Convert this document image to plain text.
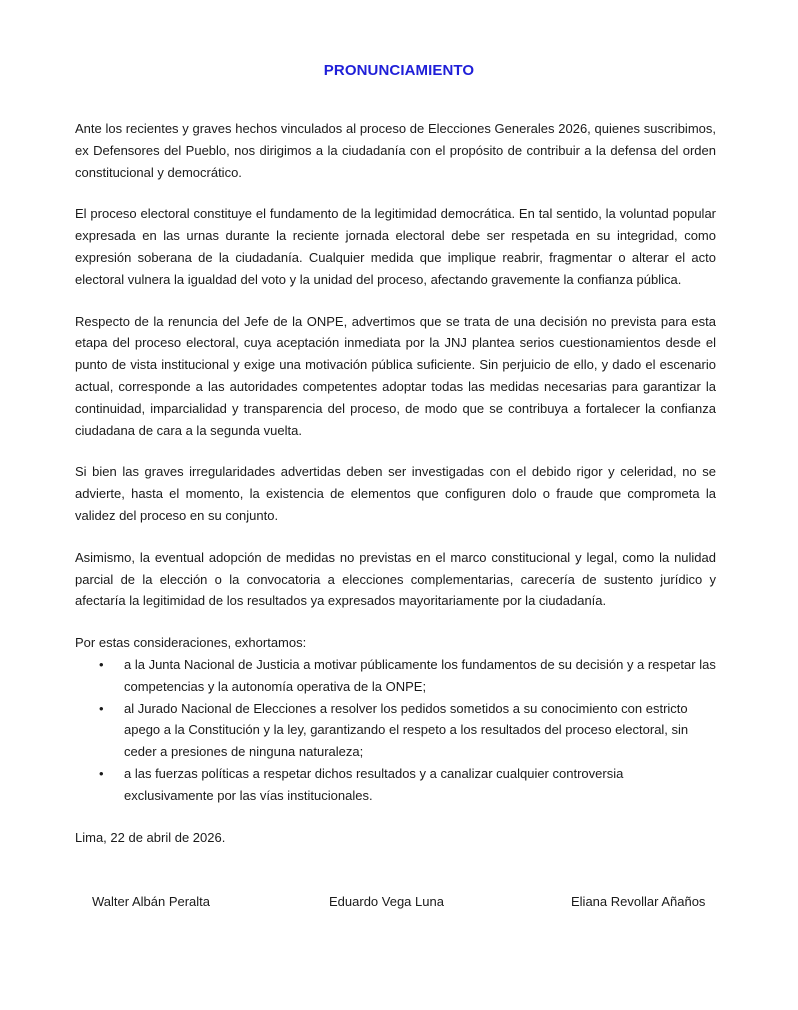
PRONUNCIAMIENTO

Ante los recientes y graves hechos vinculados al proceso de Elecciones Generales 2026, quienes suscribimos, ex Defensores del Pueblo, nos dirigimos a la ciudadanía con el propósito de contribuir a la defensa del orden constitucional y democrático.

El proceso electoral constituye el fundamento de la legitimidad democrática. En tal sentido, la voluntad popular expresada en las urnas durante la reciente jornada electoral debe ser respetada en su integridad, como expresión soberana de la ciudadanía. Cualquier medida que implique reabrir, fragmentar o alterar el acto electoral vulnera la igualdad del voto y la unidad del proceso, afectando gravemente la confianza pública.

Respecto de la renuncia del Jefe de la ONPE, advertimos que se trata de una decisión no prevista para esta etapa del proceso electoral, cuya aceptación inmediata por la JNJ plantea serios cuestionamientos desde el punto de vista institucional y exige una motivación pública suficiente. Sin perjuicio de ello, y dado el escenario actual, corresponde a las autoridades competentes adoptar todas las medidas necesarias para garantizar la continuidad, imparcialidad y transparencia del proceso, de modo que se contribuya a fortalecer la confianza ciudadana de cara a la segunda vuelta.

Si bien las graves irregularidades advertidas deben ser investigadas con el debido rigor y celeridad, no se advierte, hasta el momento, la existencia de elementos que configuren dolo o fraude que comprometa la validez del proceso en su conjunto.

Asimismo, la eventual adopción de medidas no previstas en el marco constitucional y legal, como la nulidad parcial de la elección o la convocatoria a elecciones complementarias, carecería de sustento jurídico y afectaría la legitimidad de los resultados ya expresados mayoritariamente por la ciudadanía.

Por estas consideraciones, exhortamos:

• a la Junta Nacional de Justicia a motivar públicamente los fundamentos de su decisión y a respetar las competencias y la autonomía operativa de la ONPE;
• al Jurado Nacional de Elecciones a resolver los pedidos sometidos a su conocimiento con estricto apego a la Constitución y la ley, garantizando el respeto a los resultados del proceso electoral, sin ceder a presiones de ninguna naturaleza;
• a las fuerzas políticas a respetar dichos resultados y a canalizar cualquier controversia exclusivamente por las vías institucionales.

Lima, 22 de abril de 2026.

Walter Albán Peralta	Eduardo Vega Luna	Eliana Revollar Añaños
